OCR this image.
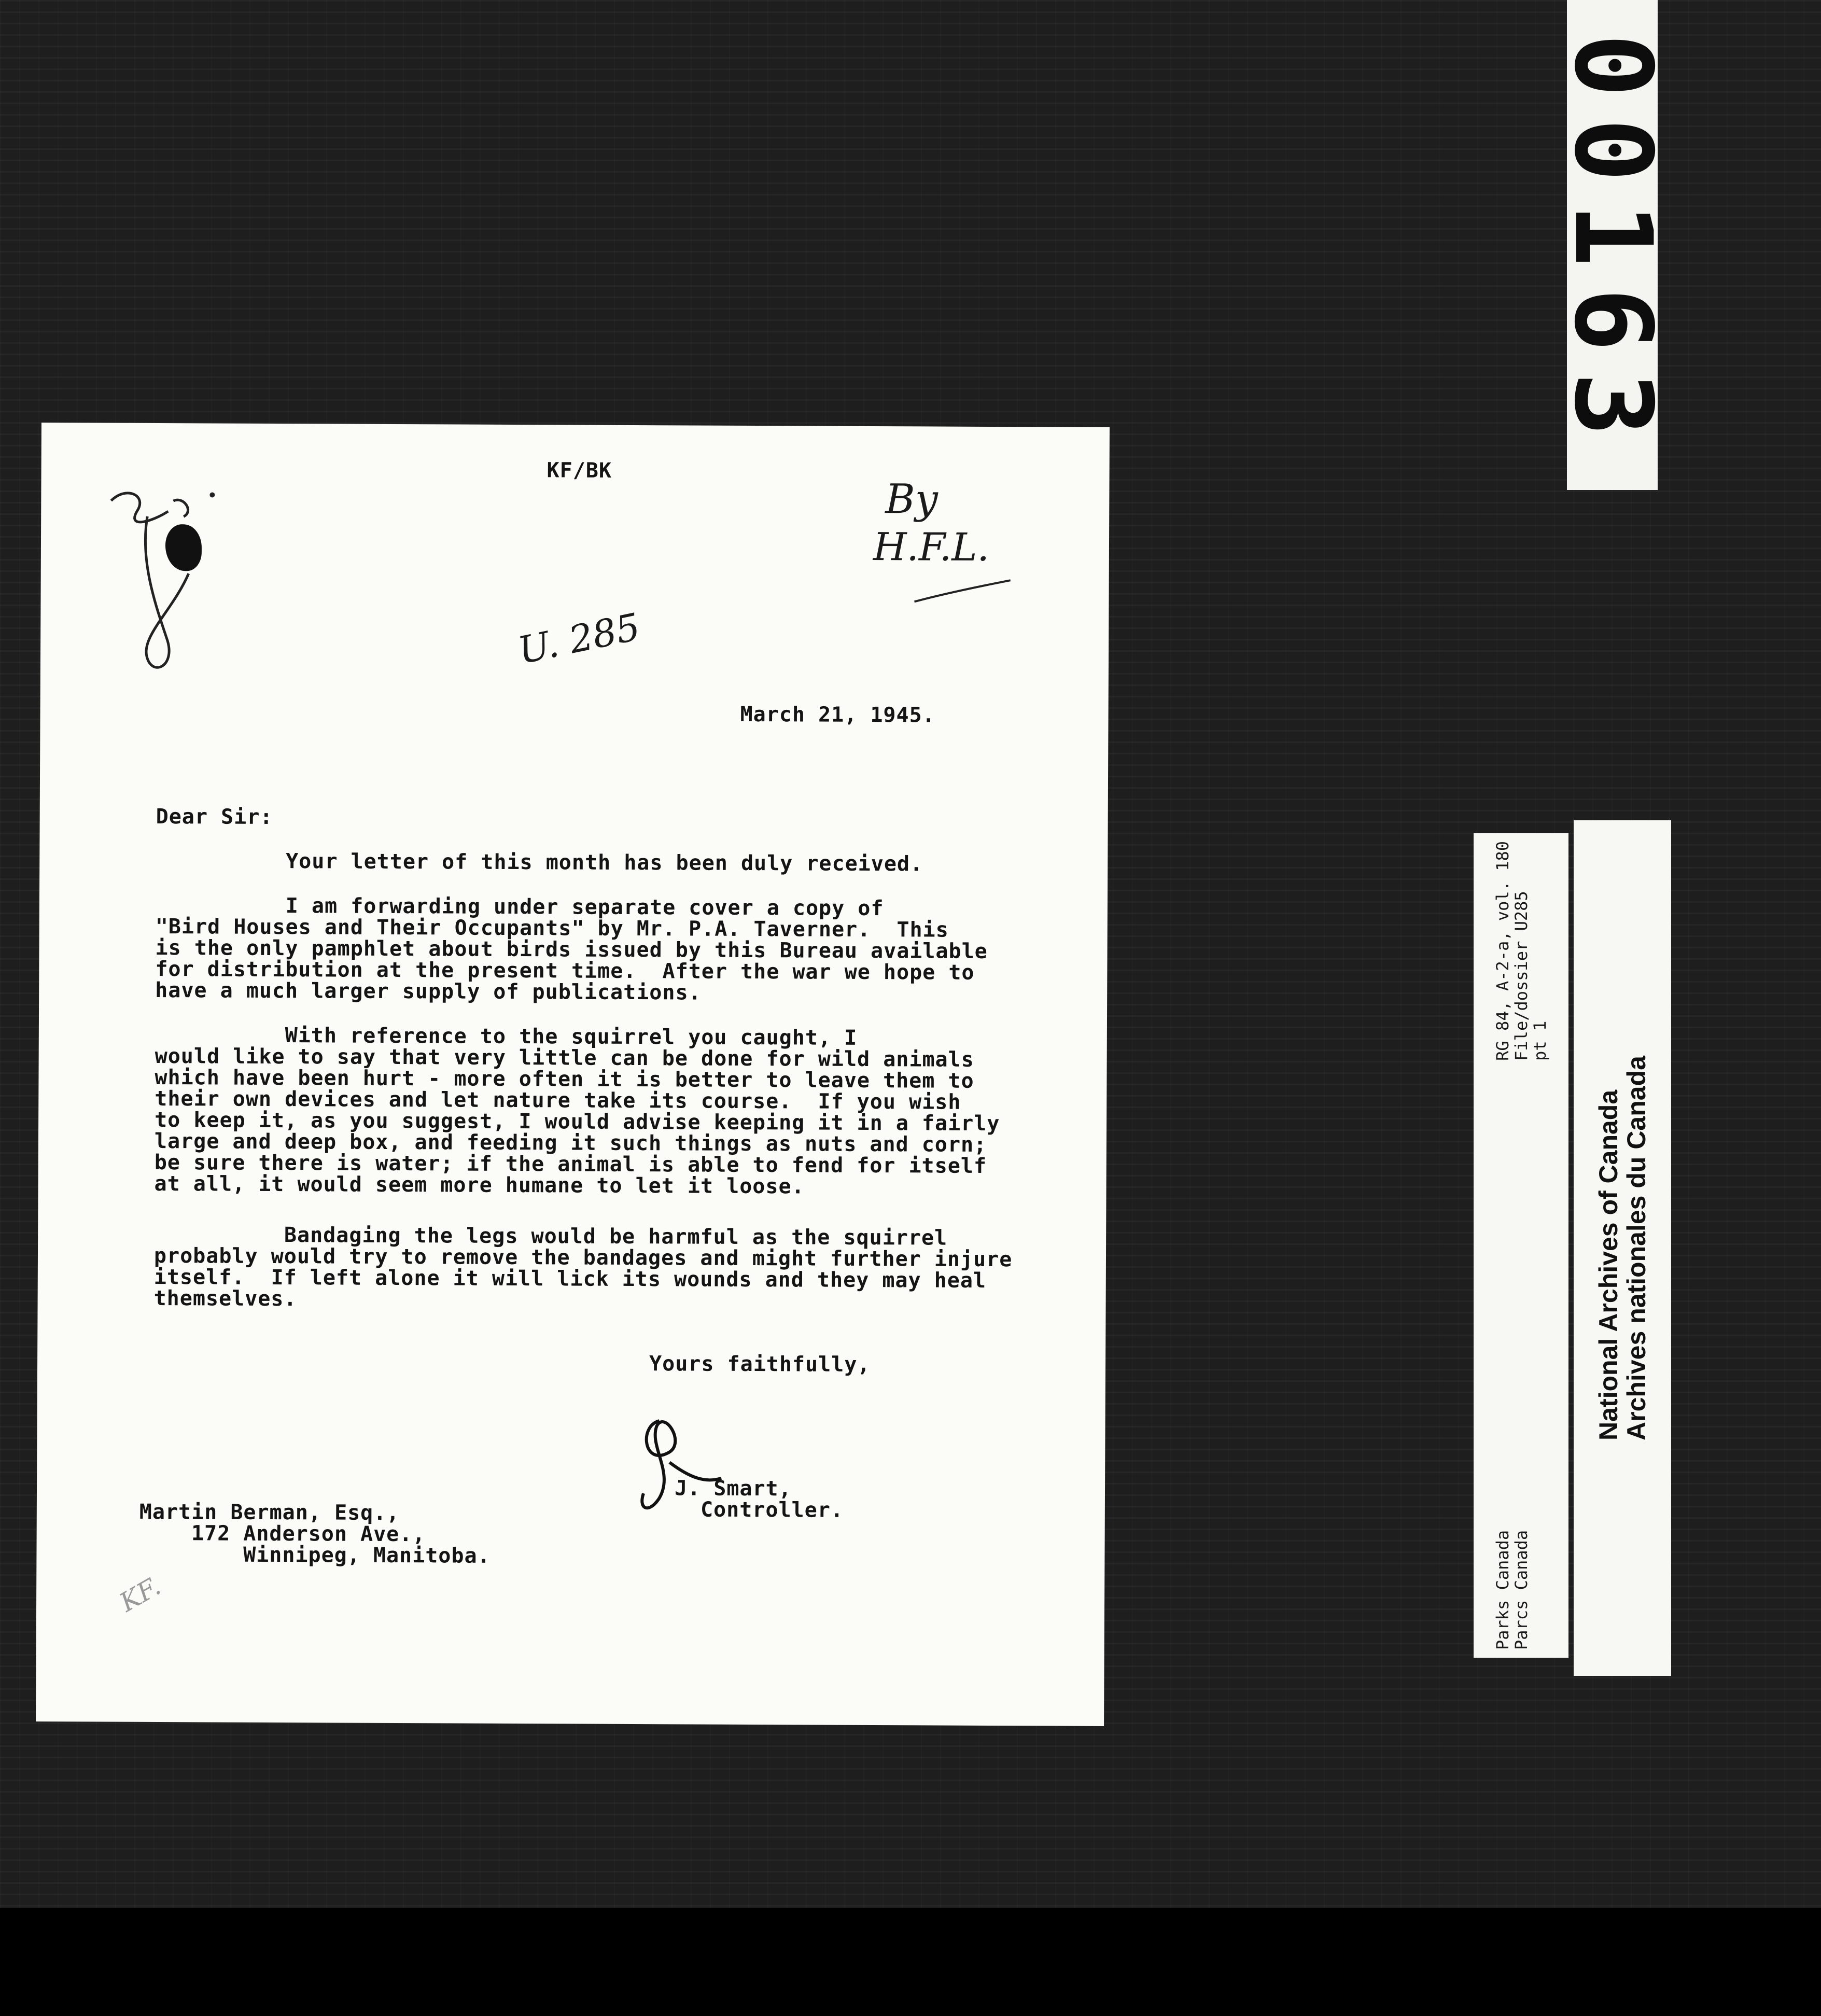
00163
KF/BK
By
H.F.L.
U. 285
March 21, 1945.
Dear Sir:
Your letter of this month has been duly received.
I am forwarding under separate cover a copy of
"Bird Houses and Their Occupants" by Mr. P.A. Taverner.  This
is the only pamphlet about birds issued by this Bureau available
for distribution at the present time.  After the war we hope to
have a much larger supply of publications.
With reference to the squirrel you caught, I
would like to say that very little can be done for wild animals
which have been hurt - more often it is better to leave them to
their own devices and let nature take its course.  If you wish
to keep it, as you suggest, I would advise keeping it in a fairly
large and deep box, and feeding it such things as nuts and corn;
be sure there is water; if the animal is able to fend for itself
at all, it would seem more humane to let it loose.
Bandaging the legs would be harmful as the squirrel
probably would try to remove the bandages and might further injure
itself.  If left alone it will lick its wounds and they may heal
themselves.
Yours faithfully,
J. Smart,
Controller.
Martin Berman, Esq.,
172 Anderson Ave.,
Winnipeg, Manitoba.
KF.	Parks Canada
Parcs Canada
RG 84, A-2-a, vol. 180
File/dossier U285
pt 1
National Archives of Canada
Archives nationales du Canada
